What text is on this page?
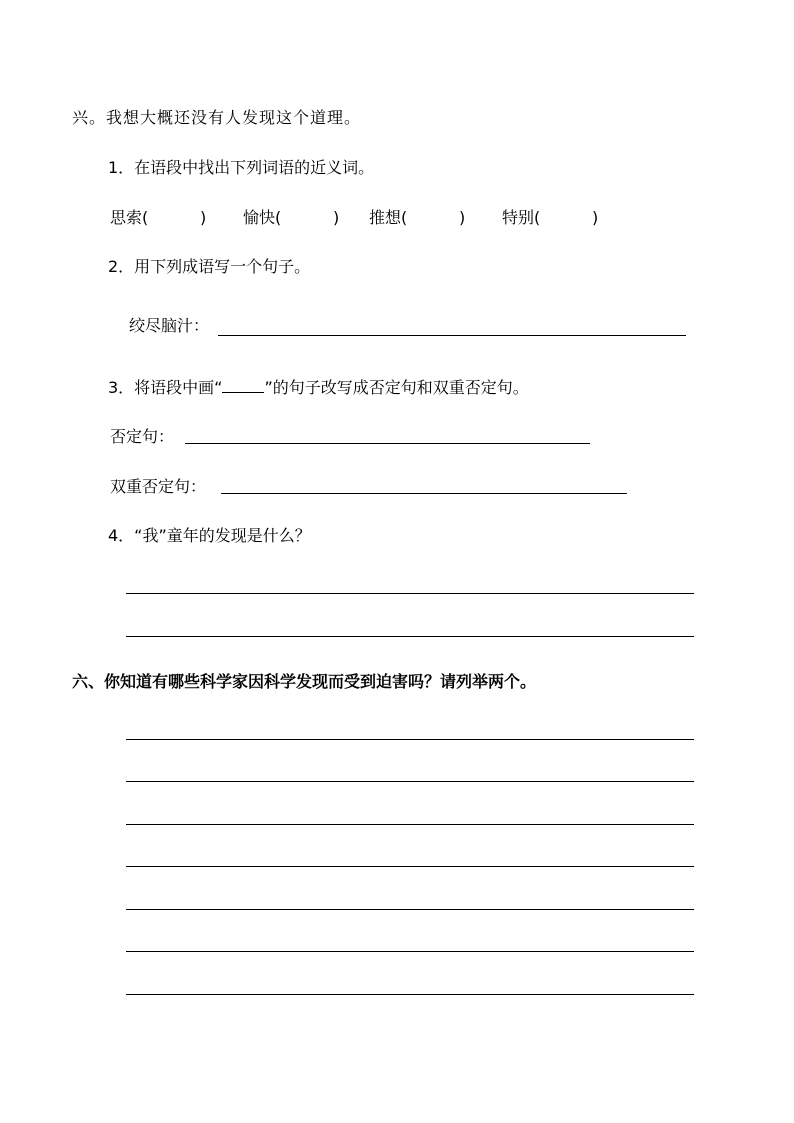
兴。我想大概还没有人发现这个道理。
1．在语段中找出下列词语的近义词。
思索(	) 愉快(	) 推想(	) 特别(	)
2．用下列成语写一个句子。
绞尽脑汁：
3．将语段中画“	”的句子改写成否定句和双重否定句。
否定句：
双重否定句：
4．“我”童年的发现是什么？
六、你知道有哪些科学家因科学发现而受到迫害吗？请列举两个。
